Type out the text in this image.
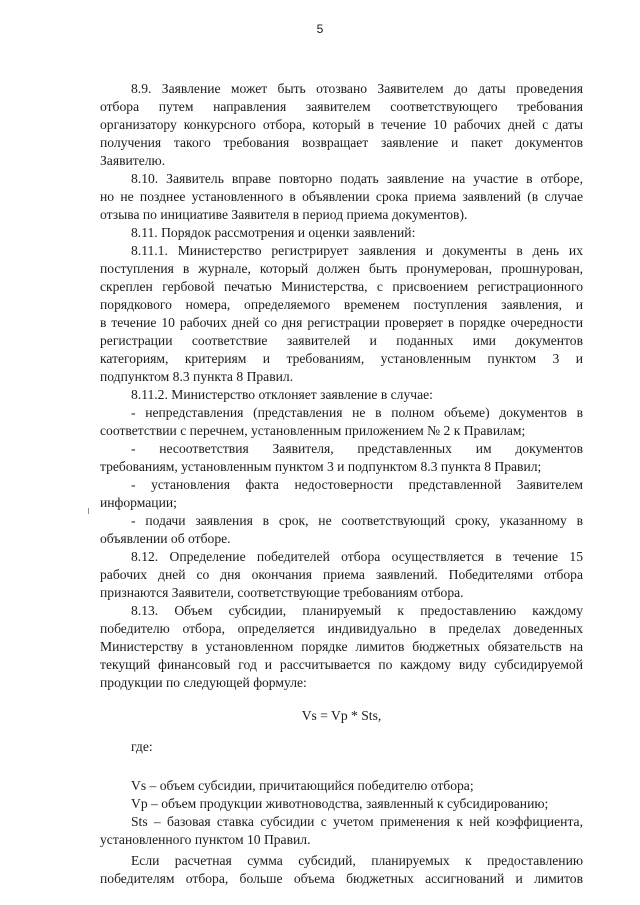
5
8.9. Заявление может быть отозвано Заявителем до даты проведения
отбора путем направления заявителем соответствующего требования
организатору конкурсного отбора, который в течение 10 рабочих дней с даты
получения такого требования возвращает заявление и пакет документов
Заявителю.
8.10. Заявитель вправе повторно подать заявление на участие в отборе,
но не позднее установленного в объявлении срока приема заявлений (в случае
отзыва по инициативе Заявителя в период приема документов).
8.11. Порядок рассмотрения и оценки заявлений:
8.11.1. Министерство регистрирует заявления и документы в день их
поступления в журнале, который должен быть пронумерован, прошнурован,
скреплен гербовой печатью Министерства, с присвоением регистрационного
порядкового номера, определяемого временем поступления заявления, и
в течение 10 рабочих дней со дня регистрации проверяет в порядке очередности
регистрации соответствие заявителей и поданных ими документов
категориям, критериям и требованиям, установленным пунктом 3 и
подпунктом 8.3 пункта 8 Правил.
8.11.2. Министерство отклоняет заявление в случае:
- непредставления (представления не в полном объеме) документов в
соответствии с перечнем, установленным приложением № 2 к Правилам;
- несоответствия Заявителя, представленных им документов
требованиям, установленным пунктом 3 и подпунктом 8.3 пункта 8 Правил;
- установления факта недостоверности представленной Заявителем
информации;
- подачи заявления в срок, не соответствующий сроку, указанному в
объявлении об отборе.
8.12. Определение победителей отбора осуществляется в течение 15
рабочих дней со дня окончания приема заявлений. Победителями отбора
признаются Заявители, соответствующие требованиям отбора.
8.13. Объем субсидии, планируемый к предоставлению каждому
победителю отбора, определяется индивидуально в пределах доведенных
Министерству в установленном порядке лимитов бюджетных обязательств на
текущий финансовый год и рассчитывается по каждому виду субсидируемой
продукции по следующей формуле:
Vs = Vp * Sts,
где:
Vs – объем субсидии, причитающийся победителю отбора;
Vp – объем продукции животноводства, заявленный к субсидированию;
Sts – базовая ставка субсидии с учетом применения к ней коэффициента,
установленного пунктом 10 Правил.
Если расчетная сумма субсидий, планируемых к предоставлению
победителям отбора, больше объема бюджетных ассигнований и лимитов
